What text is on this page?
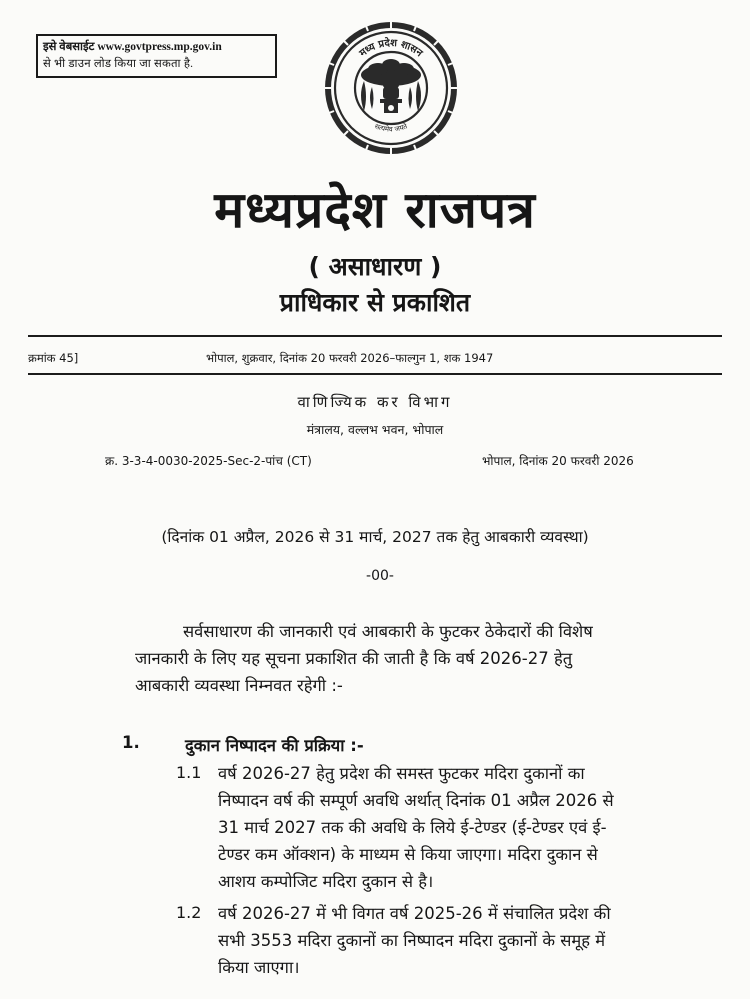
इसे वेबसाईट www.govtpress.mp.gov.in
से भी डाउन लोड किया जा सकता है.
मध्य प्रदेश शासन
सत्यमेव जयते
मध्यप्रदेश राजपत्र
( असाधारण )
प्राधिकार से प्रकाशित
क्रमांक 45]	भोपाल, शुक्रवार, दिनांक 20 फरवरी 2026–फाल्गुन 1, शक 1947
वाणिज्यिक कर विभाग
मंत्रालय, वल्लभ भवन, भोपाल
क्र. 3-3-4-0030-2025-Sec-2-पांच (CT)	भोपाल, दिनांक 20 फरवरी 2026
(दिनांक 01 अप्रैल, 2026 से 31 मार्च, 2027 तक हेतु आबकारी व्यवस्था)
-00-
सर्वसाधारण की जानकारी एवं आबकारी के फुटकर ठेकेदारों की विशेष
जानकारी के लिए यह सूचना प्रकाशित की जाती है कि वर्ष 2026-27 हेतु
आबकारी व्यवस्था निम्नवत रहेगी :-
1.	दुकान निष्पादन की प्रक्रिया :-
1.1 वर्ष 2026-27 हेतु प्रदेश की समस्त फुटकर मदिरा दुकानों का
निष्पादन वर्ष की सम्पूर्ण अवधि अर्थात् दिनांक 01 अप्रैल 2026 से
31 मार्च 2027 तक की अवधि के लिये ई-टेण्डर (ई-टेण्डर एवं ई-
टेण्डर कम ऑक्शन) के माध्यम से किया जाएगा। मदिरा दुकान से
आशय कम्पोजिट मदिरा दुकान से है।
1.2 वर्ष 2026-27 में भी विगत वर्ष 2025-26 में संचालित प्रदेश की
सभी 3553 मदिरा दुकानों का निष्पादन मदिरा दुकानों के समूह में
किया जाएगा।
